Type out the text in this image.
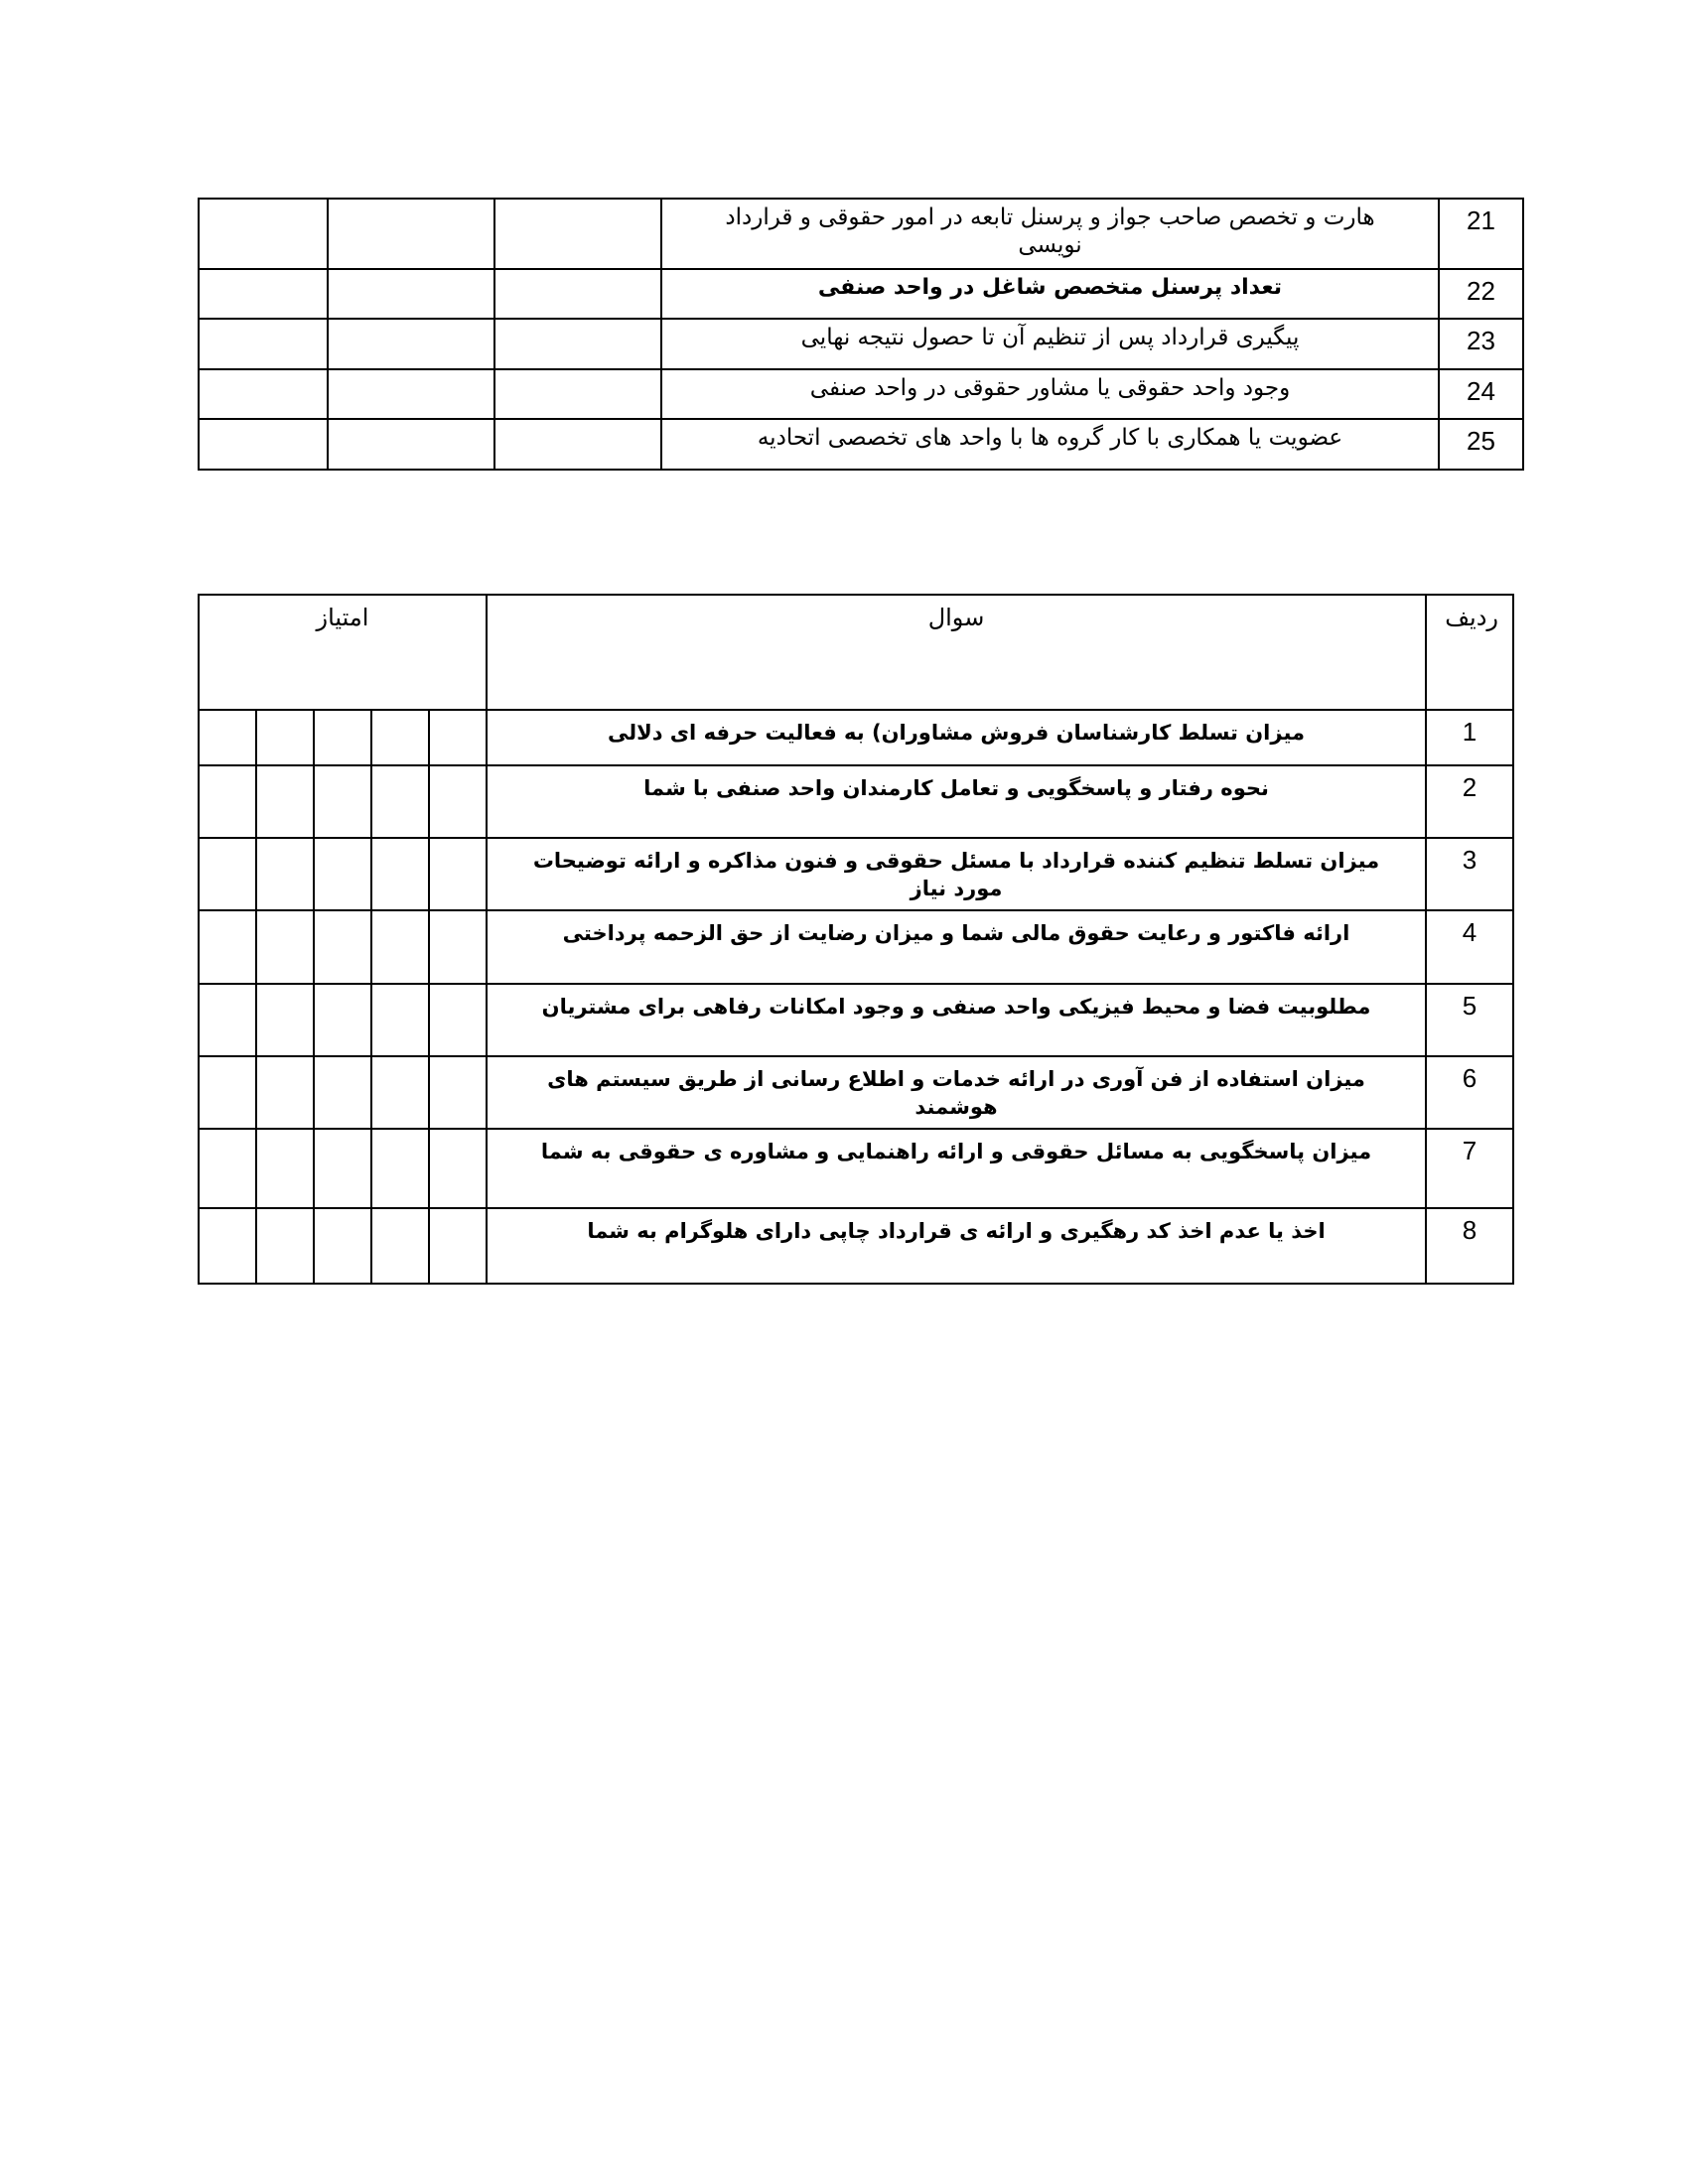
			هارت و تخصص صاحب جواز و پرسنل تابعه در امور حقوقی و قرارداد نویسی	21
			تعداد پرسنل متخصص شاغل در واحد صنفی	22
			پیگیری قرارداد پس از تنظیم آن تا حصول نتیجه نهایی	23
			وجود واحد حقوقی یا مشاور حقوقی در واحد صنفی	24
			عضویت یا همکاری با کار گروه ها با واحد های تخصصی اتحادیه	25
امتیاز					سوال	ردیف
					میزان تسلط کارشناسان فروش مشاوران) به فعالیت حرفه ای دلالی	1
					نحوه رفتار و پاسخگویی و تعامل کارمندان واحد صنفی با شما	2
					میزان تسلط تنظیم کننده قرارداد با مسئل حقوقی و فنون مذاکره و ارائه توضیحات مورد نیاز	3
					ارائه فاکتور و رعایت حقوق مالی شما و میزان رضایت از حق الزحمه پرداختی	4
					مطلوبیت فضا و محیط فیزیکی واحد صنفی و وجود امکانات رفاهی برای مشتریان	5
					میزان استفاده از فن آوری در ارائه خدمات و اطلاع رسانی از طریق سیستم های هوشمند	6
					میزان پاسخگویی به مسائل حقوقی و ارائه راهنمایی و مشاوره ی حقوقی به شما	7
					اخذ یا عدم اخذ کد رهگیری و ارائه ی قرارداد چاپی دارای هلوگرام به شما	8
